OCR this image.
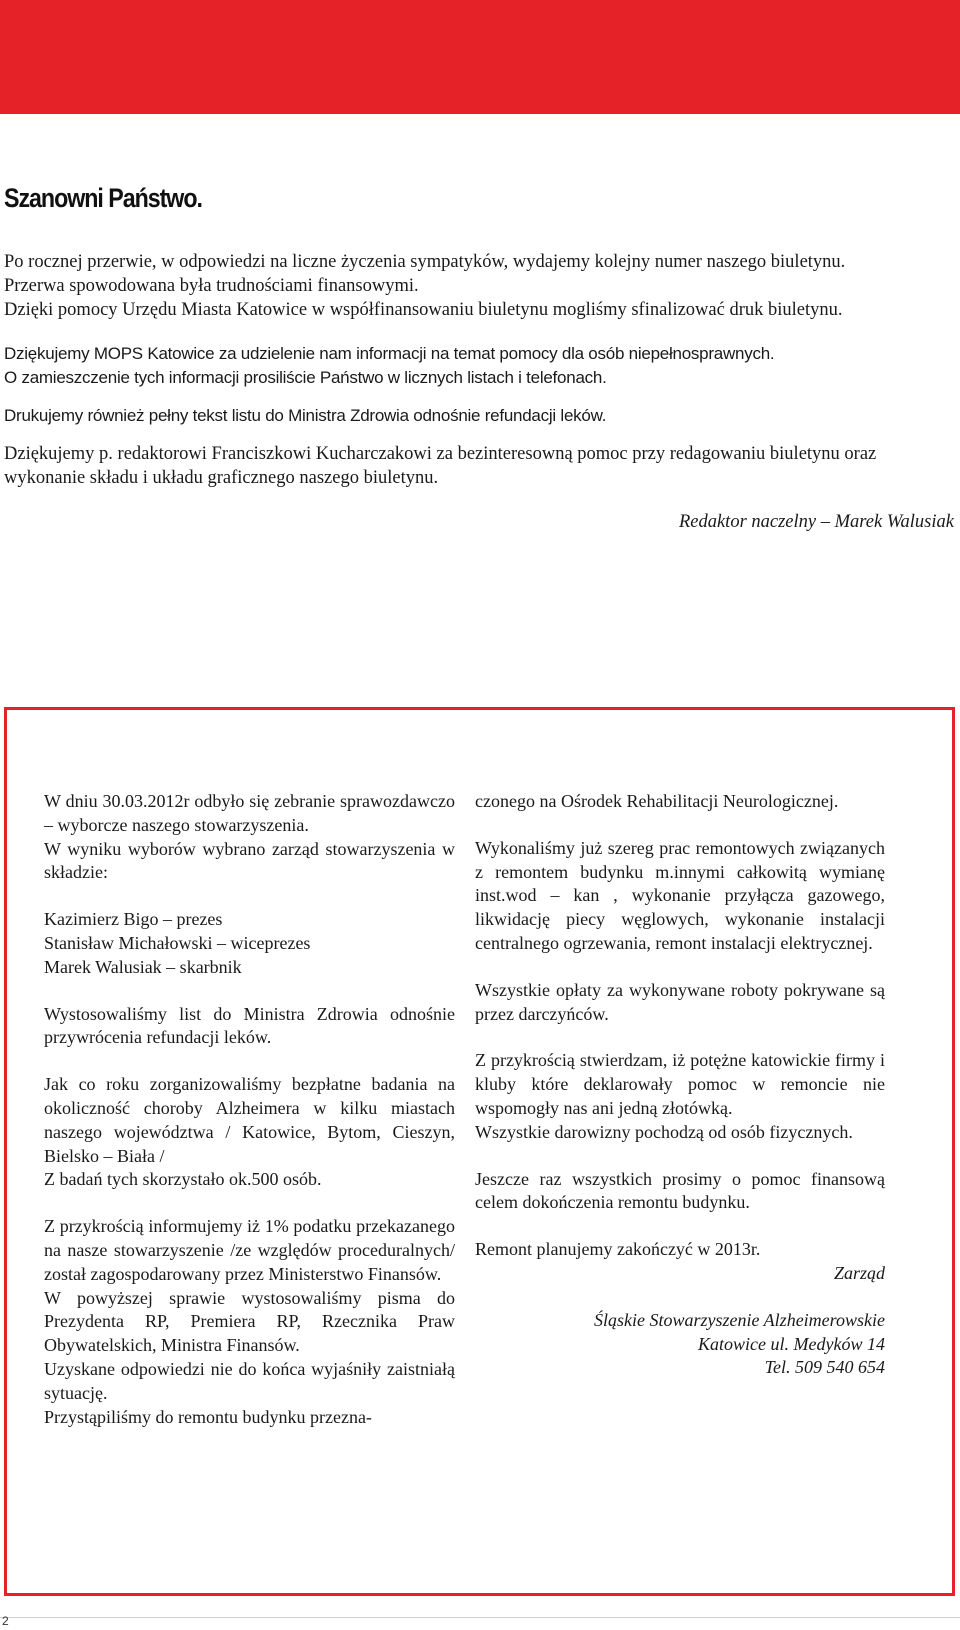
Szanowni Państwo.

Po rocznej przerwie, w odpowiedzi na liczne życzenia sympatyków, wydajemy kolejny numer naszego biuletynu.

Przerwa spowodowana była trudnościami finansowymi.

Dzięki pomocy Urzędu Miasta Katowice w współfinansowaniu biuletynu mogliśmy sfinalizować druk biuletynu.

Dziękujemy MOPS Katowice za udzielenie nam informacji na temat pomocy dla osób niepełnosprawnych.

O zamieszczenie tych informacji prosiliście Państwo w licznych listach i telefonach.

Drukujemy również pełny tekst listu do Ministra Zdrowia odnośnie refundacji leków.

Dziękujemy p. redaktorowi Franciszkowi Kucharczakowi za bezinteresowną pomoc przy redagowaniu biuletynu oraz wykonanie składu i układu graficznego naszego biuletynu.

Redaktor naczelny – Marek Walusiak

W dniu 30.03.2012r odbyło się zebranie sprawozdawczo – wyborcze naszego stowarzyszenia.

W wyniku wyborów wybrano zarząd stowarzyszenia w składzie:

Kazimierz Bigo – prezes

Stanisław Michałowski – wiceprezes

Marek Walusiak – skarbnik

Wystosowaliśmy list do Ministra Zdrowia odnośnie przywrócenia refundacji leków.

Jak co roku zorganizowaliśmy bezpłatne badania na okoliczność choroby Alzheimera w kilku miastach naszego województwa / Katowice, Bytom, Cieszyn, Bielsko – Biała /

Z badań tych skorzystało ok.500 osób.

Z przykrością informujemy iż 1% podatku przekazanego na nasze stowarzyszenie /ze względów proceduralnych/ został zagospodarowany przez Ministerstwo Finansów.

W powyższej sprawie wystosowaliśmy pisma do Prezydenta RP, Premiera RP, Rzecznika Praw Obywatelskich, Ministra Finansów.

Uzyskane odpowiedzi nie do końca wyjaśniły zaistniałą sytuację.

Przystąpiliśmy do remontu budynku przezna-

czonego na Ośrodek Rehabilitacji Neurologicznej.

Wykonaliśmy już szereg prac remontowych związanych z remontem budynku m.innymi całkowitą wymianę inst.wod – kan , wykonanie przyłącza gazowego, likwidację piecy węglowych, wykonanie instalacji centralnego ogrzewania, remont instalacji elektrycznej.

Wszystkie opłaty za wykonywane roboty pokrywane są przez darczyńców.

Z przykrością stwierdzam, iż potężne katowickie firmy i kluby które deklarowały pomoc w remoncie nie wspomogły nas ani jedną złotówką.

Wszystkie darowizny pochodzą od osób fizycznych.

Jeszcze raz wszystkich prosimy o pomoc finansową celem dokończenia remontu budynku.

Remont planujemy zakończyć w 2013r.

Zarząd

Śląskie Stowarzyszenie Alzheimerowskie

Katowice ul. Medyków 14

Tel. 509 540 654

2
